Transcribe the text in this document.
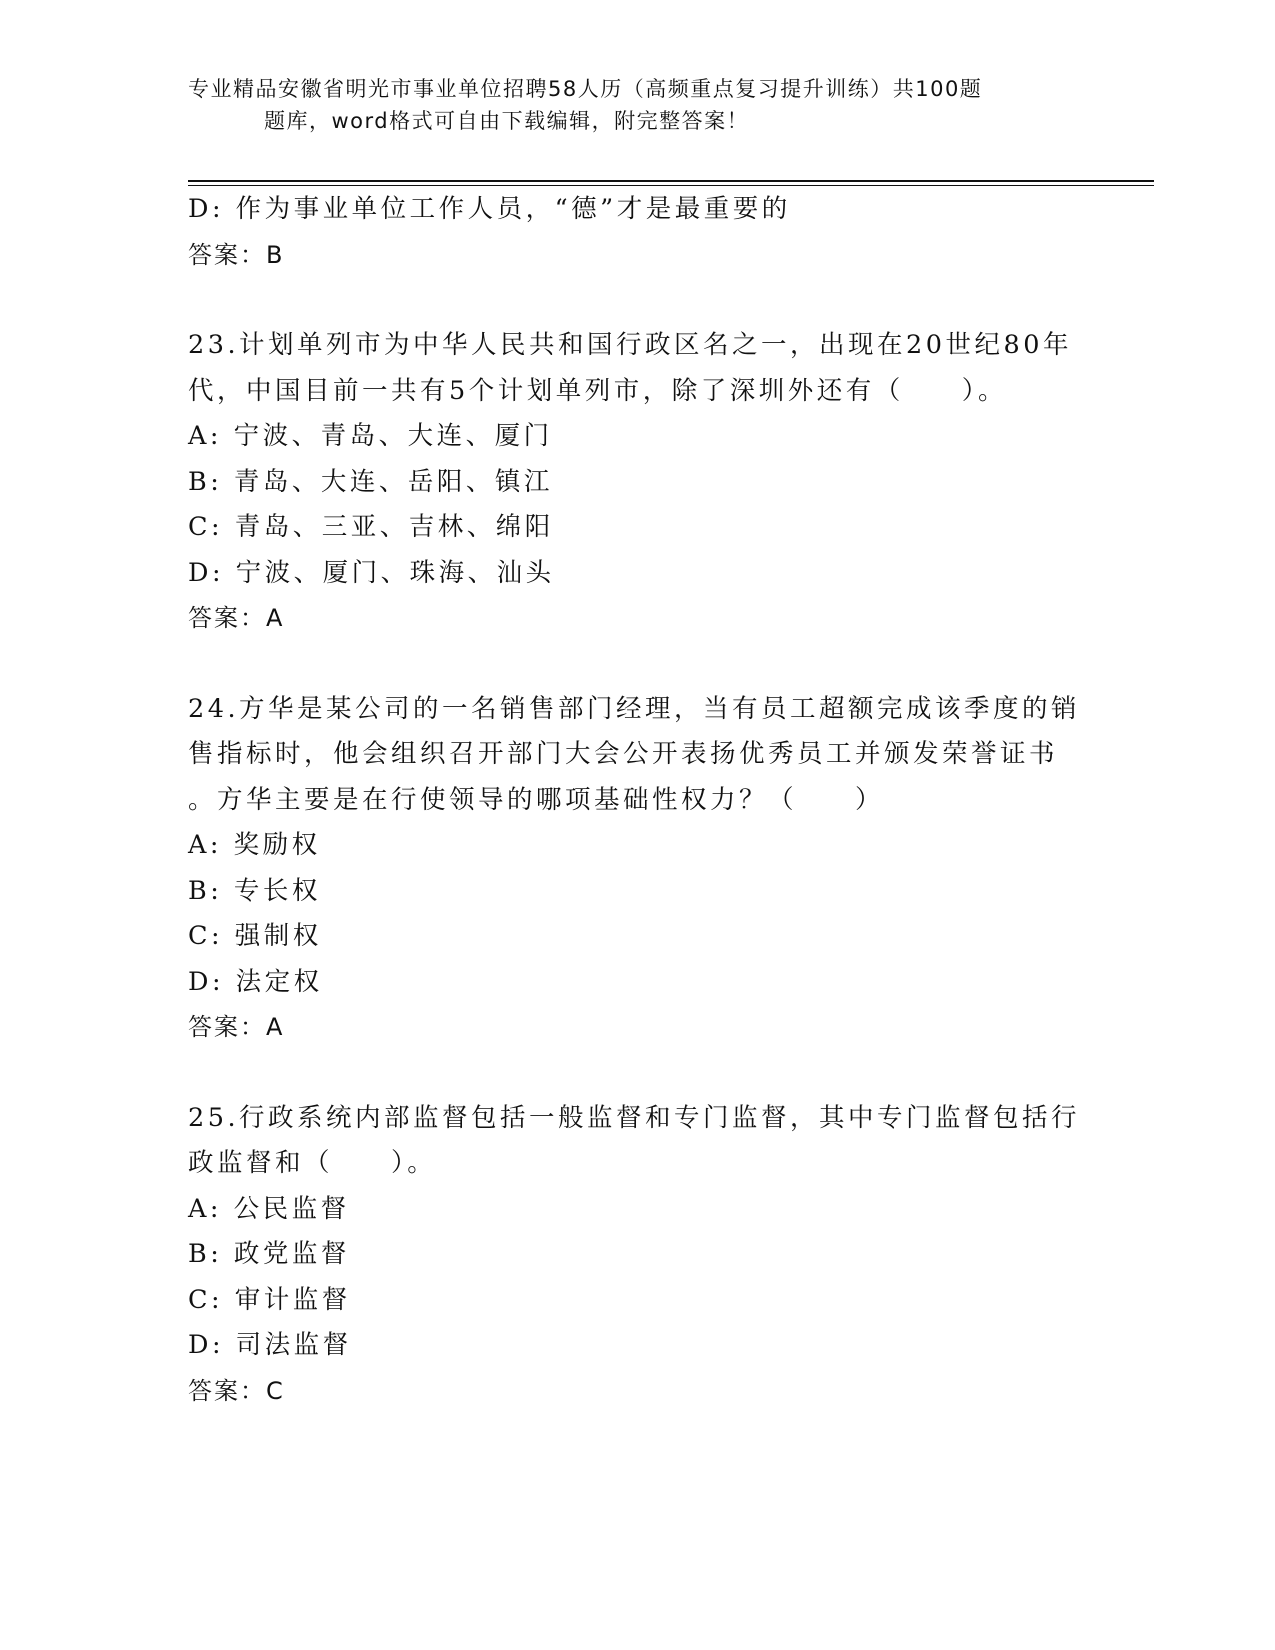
专业精品安徽省明光市事业单位招聘58人历（高频重点复习提升训练）共100题
题库，word格式可自由下载编辑，附完整答案！

D: 作为事业单位工作人员，“德”才是最重要的

答案：B

23.计划单列市为中华人民共和国行政区名之一，出现在20世纪80年

代，中国目前一共有5个计划单列市，除了深圳外还有（　　）。

A: 宁波、青岛、大连、厦门

B: 青岛、大连、岳阳、镇江

C: 青岛、三亚、吉林、绵阳

D: 宁波、厦门、珠海、汕头

答案：A

24.方华是某公司的一名销售部门经理，当有员工超额完成该季度的销

售指标时，他会组织召开部门大会公开表扬优秀员工并颁发荣誉证书

。方华主要是在行使领导的哪项基础性权力？（　　）

A: 奖励权

B: 专长权

C: 强制权

D: 法定权

答案：A

25.行政系统内部监督包括一般监督和专门监督，其中专门监督包括行

政监督和（　　）。

A: 公民监督

B: 政党监督

C: 审计监督

D: 司法监督

答案：C
